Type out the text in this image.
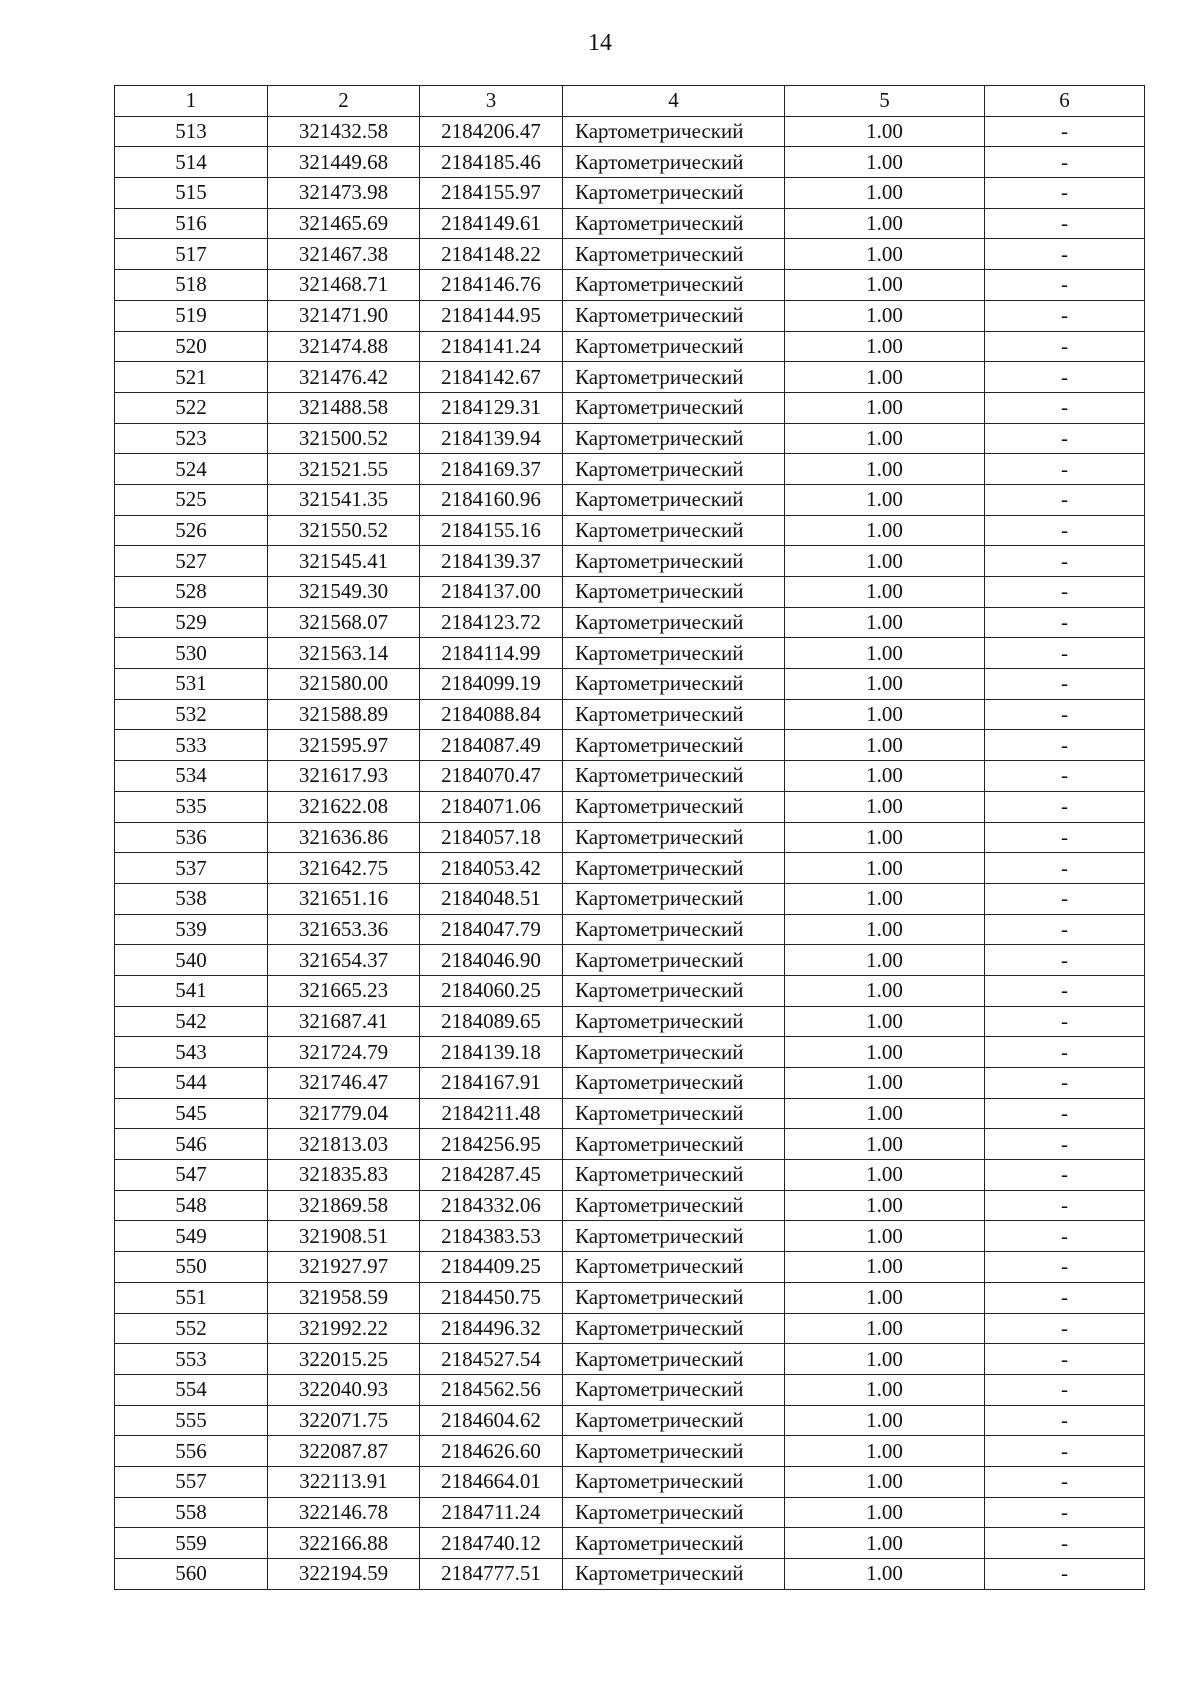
14
1	2	3	4	5	6
513	321432.58	2184206.47	Картометрический	1.00	-
514	321449.68	2184185.46	Картометрический	1.00	-
515	321473.98	2184155.97	Картометрический	1.00	-
516	321465.69	2184149.61	Картометрический	1.00	-
517	321467.38	2184148.22	Картометрический	1.00	-
518	321468.71	2184146.76	Картометрический	1.00	-
519	321471.90	2184144.95	Картометрический	1.00	-
520	321474.88	2184141.24	Картометрический	1.00	-
521	321476.42	2184142.67	Картометрический	1.00	-
522	321488.58	2184129.31	Картометрический	1.00	-
523	321500.52	2184139.94	Картометрический	1.00	-
524	321521.55	2184169.37	Картометрический	1.00	-
525	321541.35	2184160.96	Картометрический	1.00	-
526	321550.52	2184155.16	Картометрический	1.00	-
527	321545.41	2184139.37	Картометрический	1.00	-
528	321549.30	2184137.00	Картометрический	1.00	-
529	321568.07	2184123.72	Картометрический	1.00	-
530	321563.14	2184114.99	Картометрический	1.00	-
531	321580.00	2184099.19	Картометрический	1.00	-
532	321588.89	2184088.84	Картометрический	1.00	-
533	321595.97	2184087.49	Картометрический	1.00	-
534	321617.93	2184070.47	Картометрический	1.00	-
535	321622.08	2184071.06	Картометрический	1.00	-
536	321636.86	2184057.18	Картометрический	1.00	-
537	321642.75	2184053.42	Картометрический	1.00	-
538	321651.16	2184048.51	Картометрический	1.00	-
539	321653.36	2184047.79	Картометрический	1.00	-
540	321654.37	2184046.90	Картометрический	1.00	-
541	321665.23	2184060.25	Картометрический	1.00	-
542	321687.41	2184089.65	Картометрический	1.00	-
543	321724.79	2184139.18	Картометрический	1.00	-
544	321746.47	2184167.91	Картометрический	1.00	-
545	321779.04	2184211.48	Картометрический	1.00	-
546	321813.03	2184256.95	Картометрический	1.00	-
547	321835.83	2184287.45	Картометрический	1.00	-
548	321869.58	2184332.06	Картометрический	1.00	-
549	321908.51	2184383.53	Картометрический	1.00	-
550	321927.97	2184409.25	Картометрический	1.00	-
551	321958.59	2184450.75	Картометрический	1.00	-
552	321992.22	2184496.32	Картометрический	1.00	-
553	322015.25	2184527.54	Картометрический	1.00	-
554	322040.93	2184562.56	Картометрический	1.00	-
555	322071.75	2184604.62	Картометрический	1.00	-
556	322087.87	2184626.60	Картометрический	1.00	-
557	322113.91	2184664.01	Картометрический	1.00	-
558	322146.78	2184711.24	Картометрический	1.00	-
559	322166.88	2184740.12	Картометрический	1.00	-
560	322194.59	2184777.51	Картометрический	1.00	-
